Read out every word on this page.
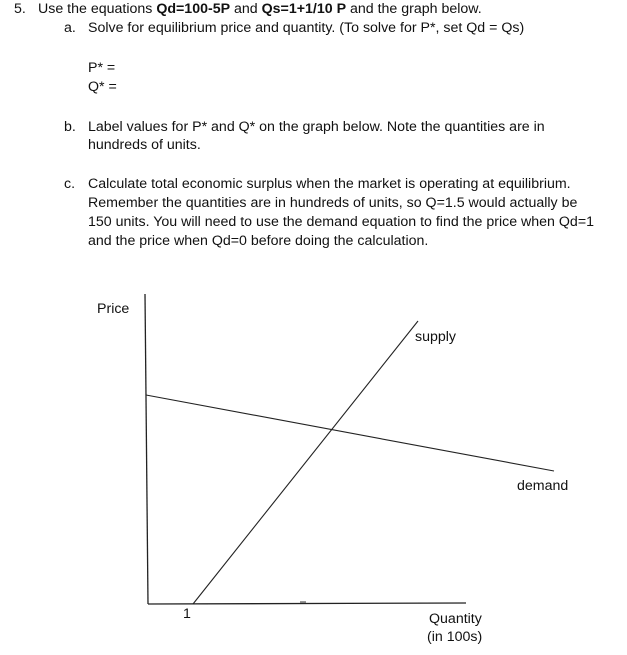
5. Use the equations Qd=100-5P and Qs=1+1/10 P and the graph below.
a. Solve for equilibrium price and quantity. (To solve for P*, set Qd = Qs)
P* =
Q* =
b. Label values for P* and Q* on the graph below. Note the quantities are in
hundreds of units.
c. Calculate total economic surplus when the market is operating at equilibrium.
Remember the quantities are in hundreds of units, so Q=1.5 would actually be
150 units. You will need to use the demand equation to find the price when Qd=1
and the price when Qd=0 before doing the calculation.
Price
supply
demand
1	Quantity
(in 100s)
